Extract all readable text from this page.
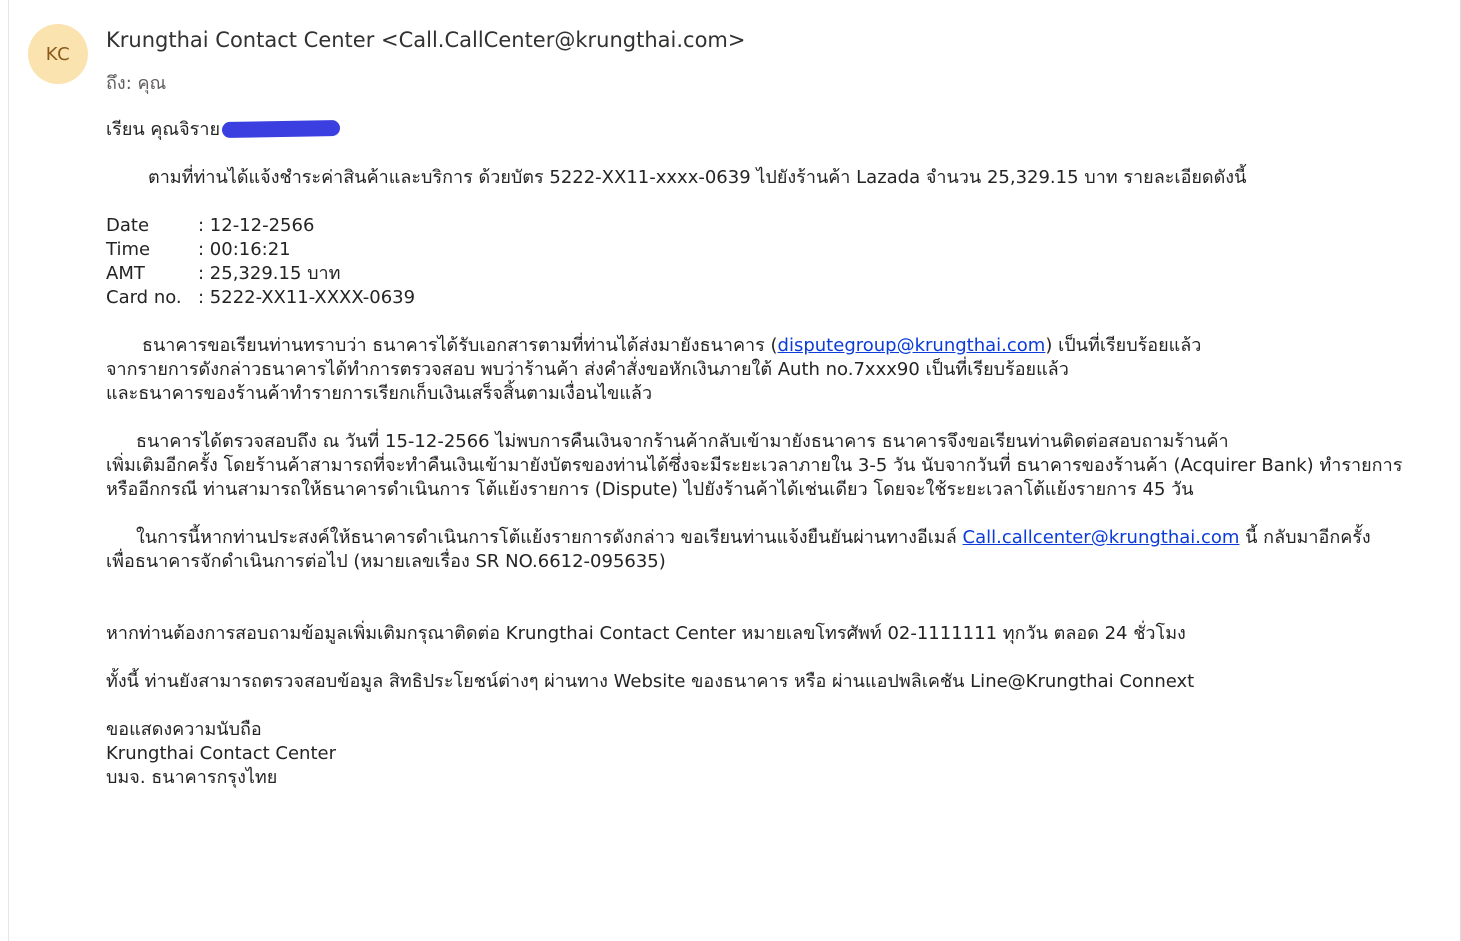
KC
Krungthai Contact Center <Call.CallCenter@krungthai.com>
ถึง: คุณ
เรียน คุณจิราย
ตามที่ท่านได้แจ้งชำระค่าสินค้าและบริการ ด้วยบัตร 5222-XX11-xxxx-0639 ไปยังร้านค้า Lazada จำนวน 25,329.15 บาท รายละเอียดดังนี้
Date	: 12-12-2566
Time	: 00:16:21
AMT	: 25,329.15 บาท
Card no. : 5222-XX11-XXXX-0639
ธนาคารขอเรียนท่านทราบว่า ธนาคารได้รับเอกสารตามที่ท่านได้ส่งมายังธนาคาร (disputegroup@krungthai.com) เป็นที่เรียบร้อยแล้ว
จากรายการดังกล่าวธนาคารได้ทำการตรวจสอบ พบว่าร้านค้า ส่งคำสั่งขอหักเงินภายใต้ Auth no.7xxx90 เป็นที่เรียบร้อยแล้ว
และธนาคารของร้านค้าทำรายการเรียกเก็บเงินเสร็จสิ้นตามเงื่อนไขแล้ว
ธนาคารได้ตรวจสอบถึง ณ วันที่ 15-12-2566 ไม่พบการคืนเงินจากร้านค้ากลับเข้ามายังธนาคาร ธนาคารจึงขอเรียนท่านติดต่อสอบถามร้านค้า
เพิ่มเติมอีกครั้ง โดยร้านค้าสามารถที่จะทำคืนเงินเข้ามายังบัตรของท่านได้ซึ่งจะมีระยะเวลาภายใน 3-5 วัน นับจากวันที่ ธนาคารของร้านค้า (Acquirer Bank) ทำรายการ
หรืออีกกรณี ท่านสามารถให้ธนาคารดำเนินการ โต้แย้งรายการ (Dispute) ไปยังร้านค้าได้เช่นเดียว โดยจะใช้ระยะเวลาโต้แย้งรายการ 45 วัน
ในการนี้หากท่านประสงค์ให้ธนาคารดำเนินการโต้แย้งรายการดังกล่าว ขอเรียนท่านแจ้งยืนยันผ่านทางอีเมล์ Call.callcenter@krungthai.com นี้ กลับมาอีกครั้ง
เพื่อธนาคารจักดำเนินการต่อไป (หมายเลขเรื่อง SR NO.6612-095635)
หากท่านต้องการสอบถามข้อมูลเพิ่มเติมกรุณาติดต่อ Krungthai Contact Center หมายเลขโทรศัพท์ 02-1111111 ทุกวัน ตลอด 24 ชั่วโมง
ทั้งนี้ ท่านยังสามารถตรวจสอบข้อมูล สิทธิประโยชน์ต่างๆ ผ่านทาง Website ของธนาคาร หรือ ผ่านแอปพลิเคชัน Line@Krungthai Connext
ขอแสดงความนับถือ
Krungthai Contact Center
บมจ. ธนาคารกรุงไทย
